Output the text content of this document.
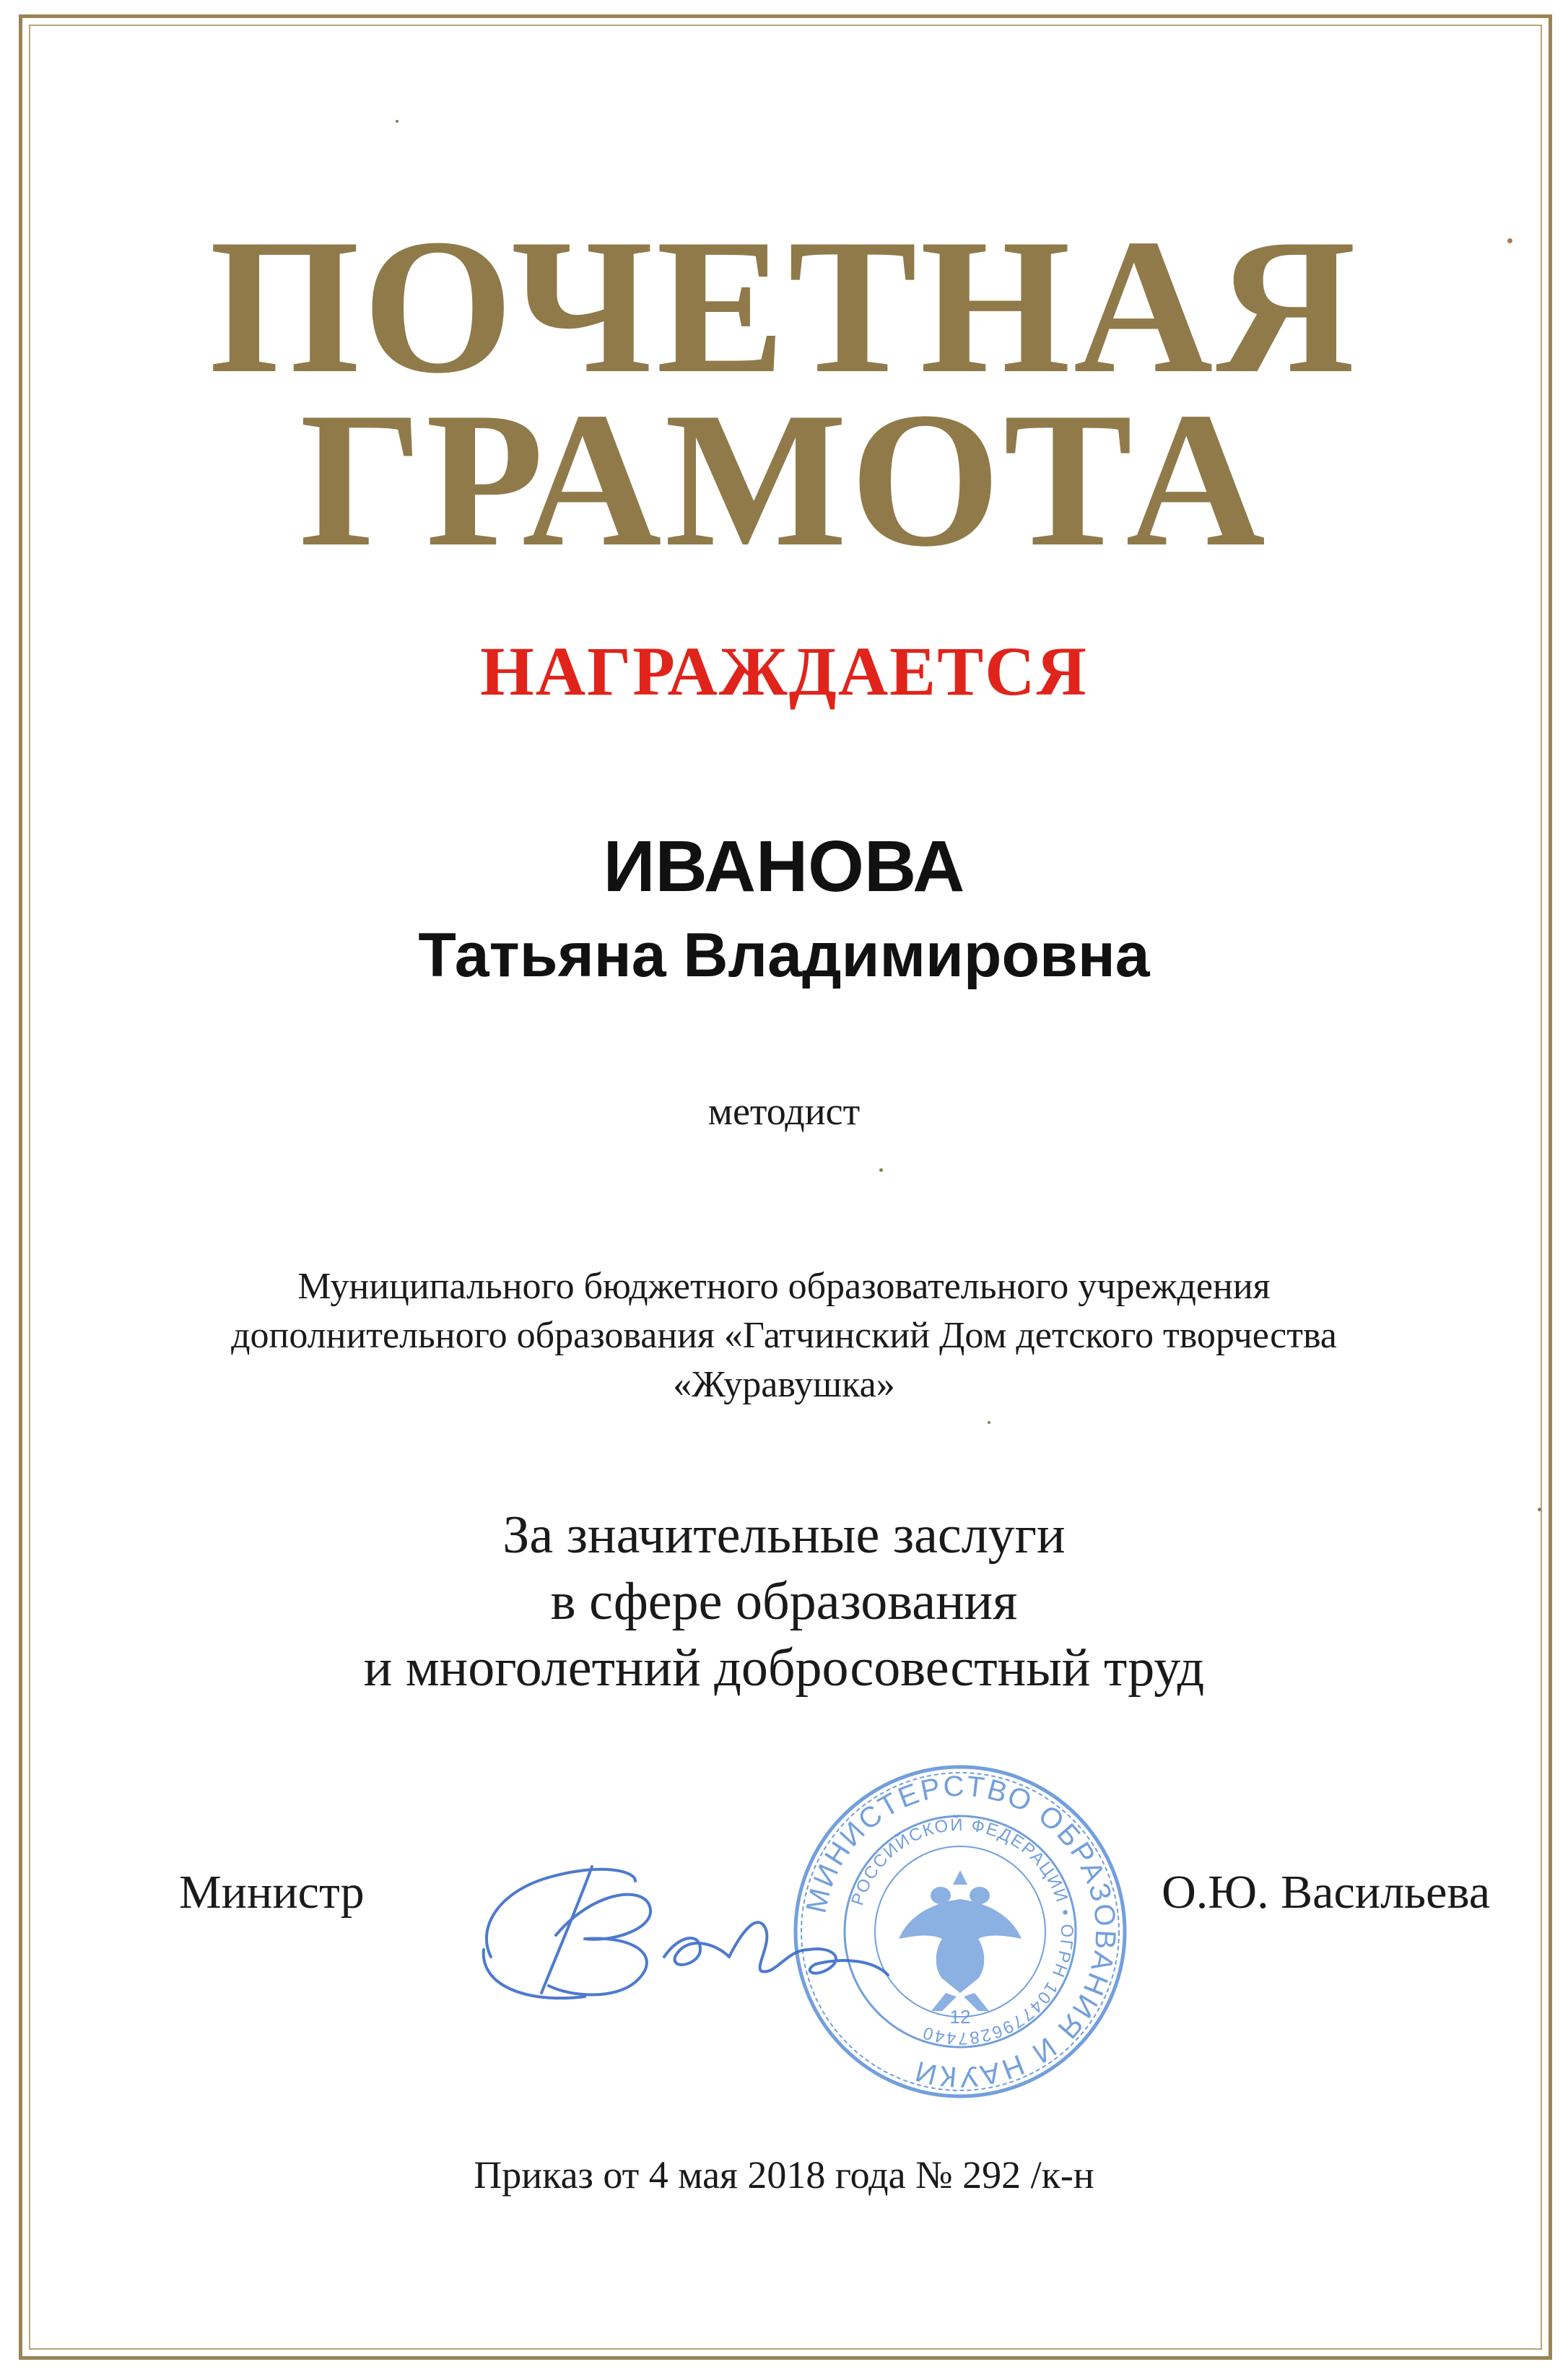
ПОЧЕТНАЯ
ГРАМОТА
НАГРАЖДАЕТСЯ
ИВАНОВА
Татьяна Владимировна
методист
Муниципального бюджетного образовательного учреждения
дополнительного образования «Гатчинский Дом детского творчества
«Журавушка»
За значительные заслуги
в сфере образования
и многолетний добросовестный труд
МИНИСТЕРСТВО ОБРАЗОВАНИЯ И НАУКИ
РОССИЙСКОЙ ФЕДЕРАЦИИ • ОГРН 1047796287440
12
Министр	О.Ю. Васильева
Приказ от 4 мая 2018 года № 292 /к-н
